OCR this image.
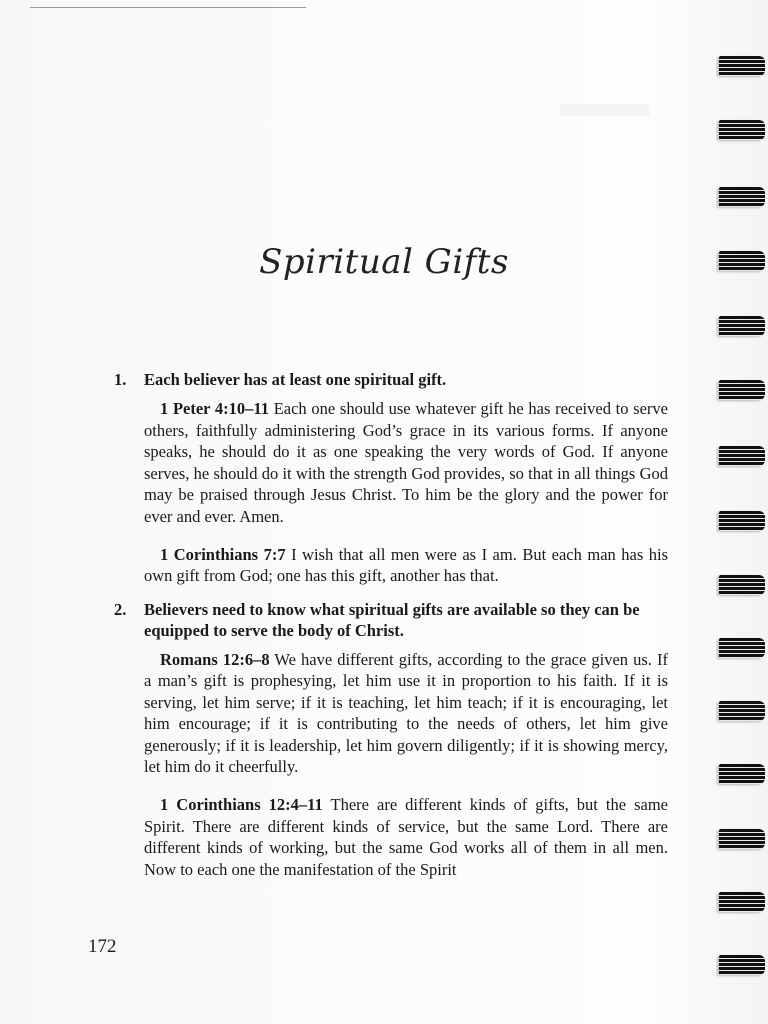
Spiritual Gifts
1.	Each believer has at least one spiritual gift.

1 Peter 4:10–11 Each one should use whatever gift he has received to serve others, faithfully administering God’s grace in its various forms. If anyone speaks, he should do it as one speaking the very words of God. If anyone serves, he should do it with the strength God provides, so that in all things God may be praised through Jesus Christ. To him be the glory and the power for ever and ever. Amen.

1 Corinthians 7:7 I wish that all men were as I am. But each man has his own gift from God; one has this gift, another has that.

2.	Believers need to know what spiritual gifts are available so they can be equipped to serve the body of Christ.

Romans 12:6–8 We have different gifts, according to the grace given us. If a man’s gift is prophesying, let him use it in proportion to his faith. If it is serving, let him serve; if it is teaching, let him teach; if it is encouraging, let him encourage; if it is contributing to the needs of others, let him give generously; if it is leadership, let him govern diligently; if it is showing mercy, let him do it cheerfully.

1 Corinthians 12:4–11 There are different kinds of gifts, but the same Spirit. There are different kinds of service, but the same Lord. There are different kinds of working, but the same God works all of them in all men. Now to each one the manifestation of the Spirit

172
